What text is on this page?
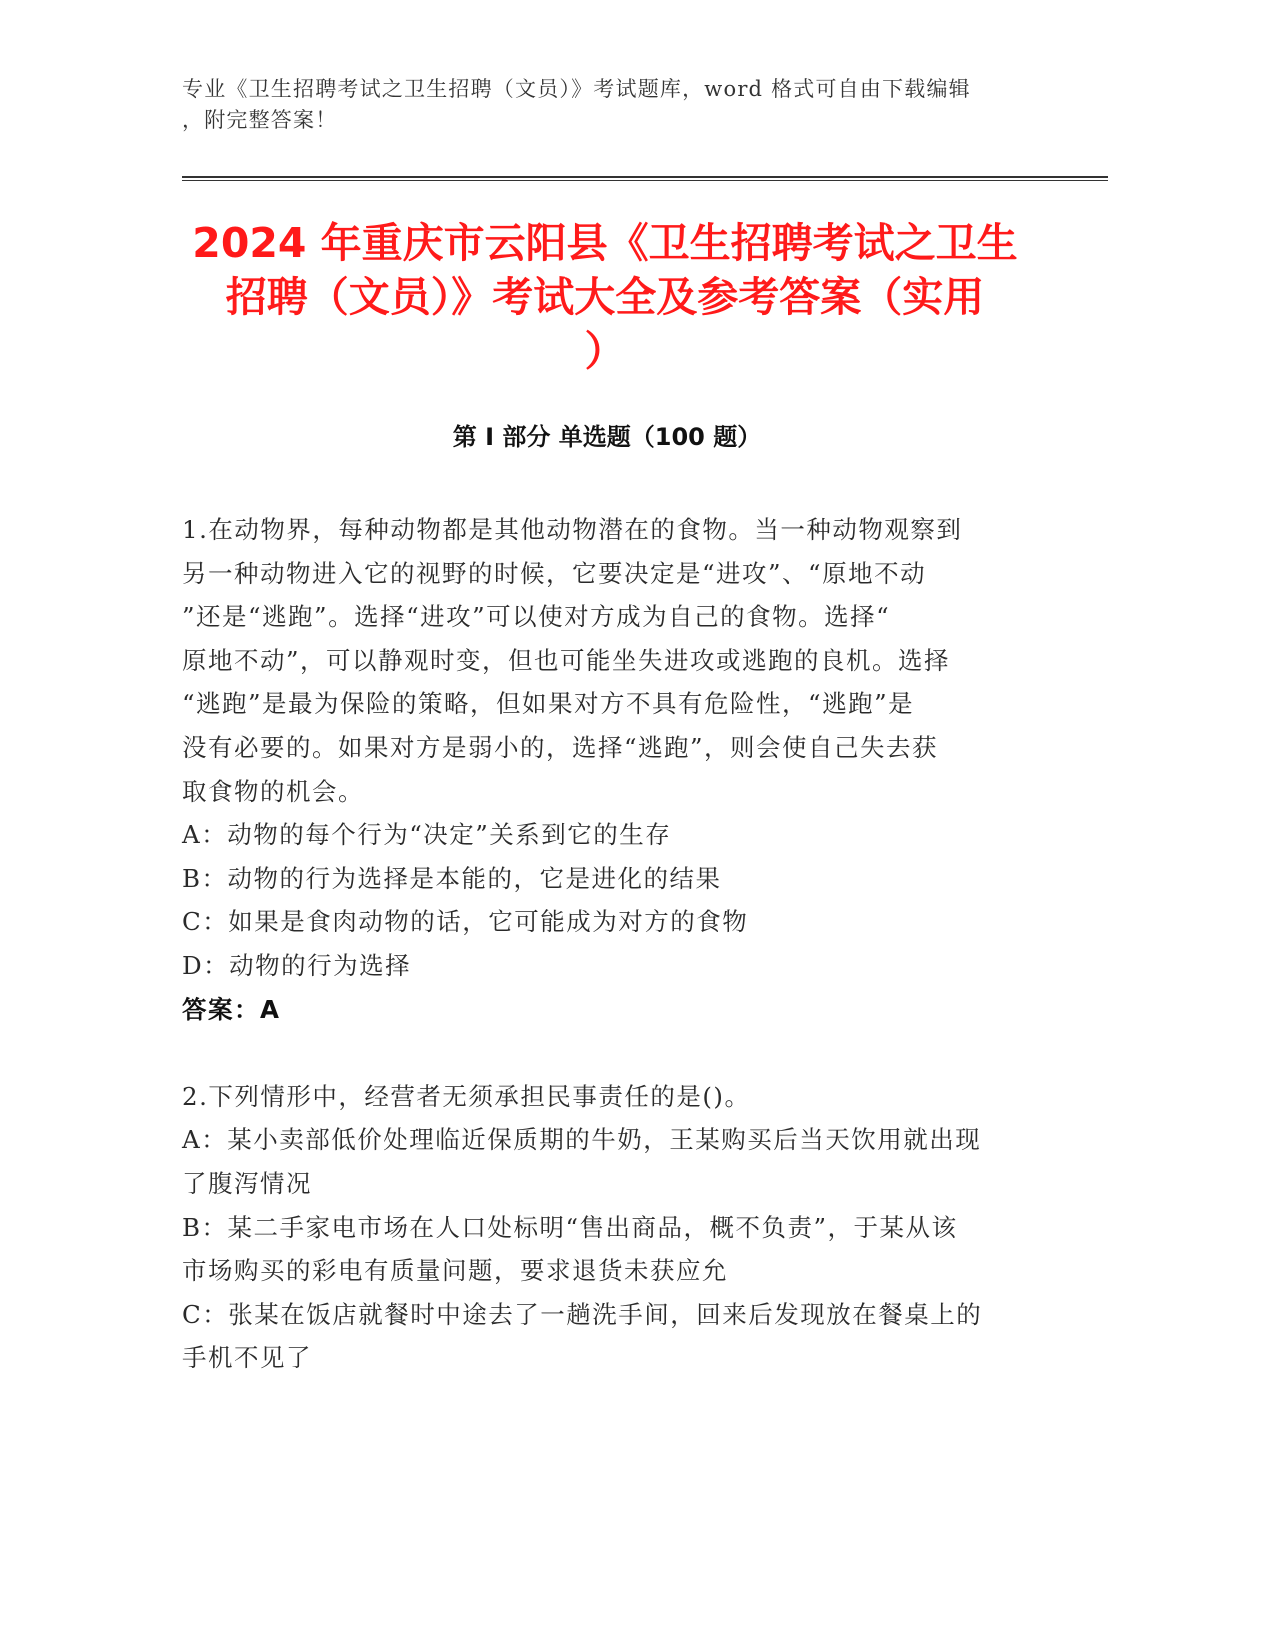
专业《卫生招聘考试之卫生招聘（文员）》考试题库，word 格式可自由下载编辑
，附完整答案！
2024 年重庆市云阳县《卫生招聘考试之卫生
招聘（文员）》考试大全及参考答案（实用
）
第 I 部分 单选题（100 题）

1.在动物界，每种动物都是其他动物潜在的食物。当一种动物观察到

另一种动物进入它的视野的时候，它要决定是“进攻”、“原地不动

”还是“逃跑”。选择“进攻”可以使对方成为自己的食物。选择“

原地不动”，可以静观时变，但也可能坐失进攻或逃跑的良机。选择

“逃跑”是最为保险的策略，但如果对方不具有危险性，“逃跑”是

没有必要的。如果对方是弱小的，选择“逃跑”，则会使自己失去获

取食物的机会。

A：动物的每个行为“决定”关系到它的生存

B：动物的行为选择是本能的，它是进化的结果

C：如果是食肉动物的话，它可能成为对方的食物

D：动物的行为选择

答案：A

2.下列情形中，经营者无须承担民事责任的是()。

A：某小卖部低价处理临近保质期的牛奶，王某购买后当天饮用就出现

了腹泻情况

B：某二手家电市场在人口处标明“售出商品，概不负责”，于某从该

市场购买的彩电有质量问题，要求退货未获应允

C：张某在饭店就餐时中途去了一趟洗手间，回来后发现放在餐桌上的

手机不见了
